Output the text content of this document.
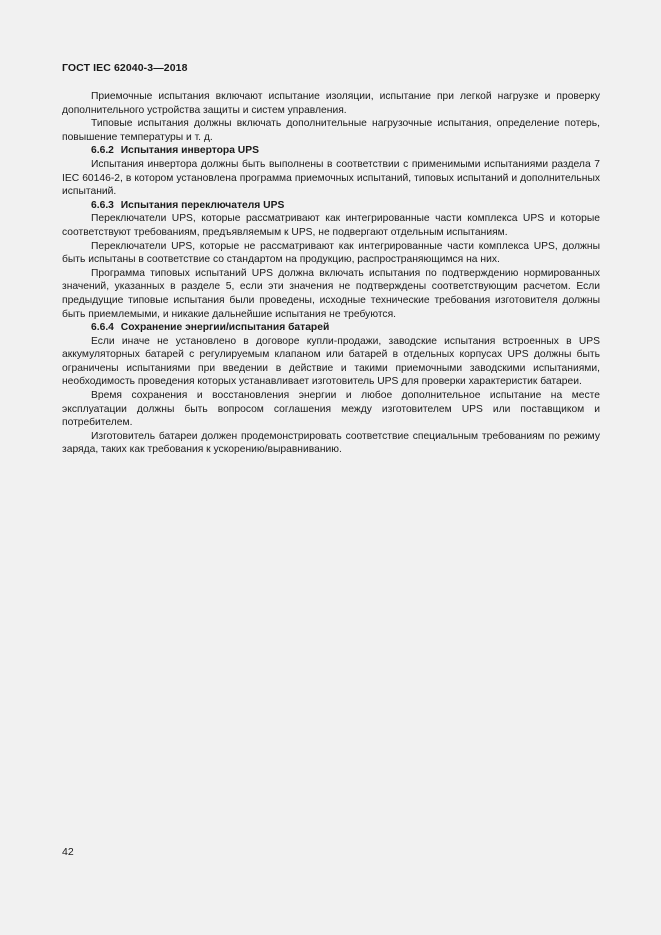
ГОСТ IEC 62040-3—2018

Приемочные испытания включают испытание изоляции, испытание при легкой нагрузке и проверку дополнительного устройства защиты и систем управления.

Типовые испытания должны включать дополнительные нагрузочные испытания, определение потерь, повышение температуры и т. д.

6.6.2 Испытания инвертора UPS

Испытания инвертора должны быть выполнены в соответствии с применимыми испытаниями раздела 7 IEC 60146-2, в котором установлена программа приемочных испытаний, типовых испытаний и дополнительных испытаний.

6.6.3 Испытания переключателя UPS

Переключатели UPS, которые рассматривают как интегрированные части комплекса UPS и которые соответствуют требованиям, предъявляемым к UPS, не подвергают отдельным испытаниям.

Переключатели UPS, которые не рассматривают как интегрированные части комплекса UPS, должны быть испытаны в соответствие со стандартом на продукцию, распространяющимся на них.

Программа типовых испытаний UPS должна включать испытания по подтверждению нормированных значений, указанных в разделе 5, если эти значения не подтверждены соответствующим расчетом. Если предыдущие типовые испытания были проведены, исходные технические требования изготовителя должны быть приемлемыми, и никакие дальнейшие испытания не требуются.

6.6.4 Сохранение энергии/испытания батарей

Если иначе не установлено в договоре купли-продажи, заводские испытания встроенных в UPS аккумуляторных батарей с регулируемым клапаном или батарей в отдельных корпусах UPS должны быть ограничены испытаниями при введении в действие и такими приемочными заводскими испытаниями, необходимость проведения которых устанавливает изготовитель UPS для проверки характеристик батареи.

Время сохранения и восстановления энергии и любое дополнительное испытание на месте эксплуатации должны быть вопросом соглашения между изготовителем UPS или поставщиком и потребителем.

Изготовитель батареи должен продемонстрировать соответствие специальным требованиям по режиму заряда, таких как требования к ускорению/выравниванию.

42
